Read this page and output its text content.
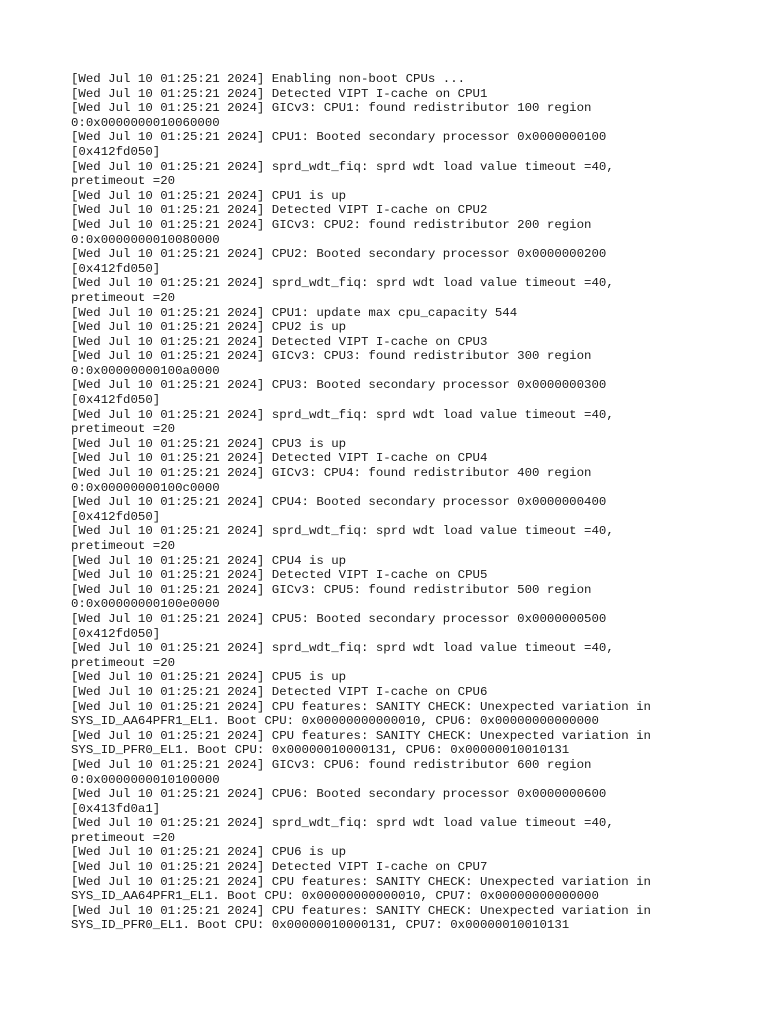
[Wed Jul 10 01:25:21 2024] Enabling non-boot CPUs ...
[Wed Jul 10 01:25:21 2024] Detected VIPT I-cache on CPU1
[Wed Jul 10 01:25:21 2024] GICv3: CPU1: found redistributor 100 region
0:0x0000000010060000
[Wed Jul 10 01:25:21 2024] CPU1: Booted secondary processor 0x0000000100
[0x412fd050]
[Wed Jul 10 01:25:21 2024] sprd_wdt_fiq: sprd wdt load value timeout =40,
pretimeout =20
[Wed Jul 10 01:25:21 2024] CPU1 is up
[Wed Jul 10 01:25:21 2024] Detected VIPT I-cache on CPU2
[Wed Jul 10 01:25:21 2024] GICv3: CPU2: found redistributor 200 region
0:0x0000000010080000
[Wed Jul 10 01:25:21 2024] CPU2: Booted secondary processor 0x0000000200
[0x412fd050]
[Wed Jul 10 01:25:21 2024] sprd_wdt_fiq: sprd wdt load value timeout =40,
pretimeout =20
[Wed Jul 10 01:25:21 2024] CPU1: update max cpu_capacity 544
[Wed Jul 10 01:25:21 2024] CPU2 is up
[Wed Jul 10 01:25:21 2024] Detected VIPT I-cache on CPU3
[Wed Jul 10 01:25:21 2024] GICv3: CPU3: found redistributor 300 region
0:0x00000000100a0000
[Wed Jul 10 01:25:21 2024] CPU3: Booted secondary processor 0x0000000300
[0x412fd050]
[Wed Jul 10 01:25:21 2024] sprd_wdt_fiq: sprd wdt load value timeout =40,
pretimeout =20
[Wed Jul 10 01:25:21 2024] CPU3 is up
[Wed Jul 10 01:25:21 2024] Detected VIPT I-cache on CPU4
[Wed Jul 10 01:25:21 2024] GICv3: CPU4: found redistributor 400 region
0:0x00000000100c0000
[Wed Jul 10 01:25:21 2024] CPU4: Booted secondary processor 0x0000000400
[0x412fd050]
[Wed Jul 10 01:25:21 2024] sprd_wdt_fiq: sprd wdt load value timeout =40,
pretimeout =20
[Wed Jul 10 01:25:21 2024] CPU4 is up
[Wed Jul 10 01:25:21 2024] Detected VIPT I-cache on CPU5
[Wed Jul 10 01:25:21 2024] GICv3: CPU5: found redistributor 500 region
0:0x00000000100e0000
[Wed Jul 10 01:25:21 2024] CPU5: Booted secondary processor 0x0000000500
[0x412fd050]
[Wed Jul 10 01:25:21 2024] sprd_wdt_fiq: sprd wdt load value timeout =40,
pretimeout =20
[Wed Jul 10 01:25:21 2024] CPU5 is up
[Wed Jul 10 01:25:21 2024] Detected VIPT I-cache on CPU6
[Wed Jul 10 01:25:21 2024] CPU features: SANITY CHECK: Unexpected variation in
SYS_ID_AA64PFR1_EL1. Boot CPU: 0x00000000000010, CPU6: 0x00000000000000
[Wed Jul 10 01:25:21 2024] CPU features: SANITY CHECK: Unexpected variation in
SYS_ID_PFR0_EL1. Boot CPU: 0x00000010000131, CPU6: 0x00000010010131
[Wed Jul 10 01:25:21 2024] GICv3: CPU6: found redistributor 600 region
0:0x0000000010100000
[Wed Jul 10 01:25:21 2024] CPU6: Booted secondary processor 0x0000000600
[0x413fd0a1]
[Wed Jul 10 01:25:21 2024] sprd_wdt_fiq: sprd wdt load value timeout =40,
pretimeout =20
[Wed Jul 10 01:25:21 2024] CPU6 is up
[Wed Jul 10 01:25:21 2024] Detected VIPT I-cache on CPU7
[Wed Jul 10 01:25:21 2024] CPU features: SANITY CHECK: Unexpected variation in
SYS_ID_AA64PFR1_EL1. Boot CPU: 0x00000000000010, CPU7: 0x00000000000000
[Wed Jul 10 01:25:21 2024] CPU features: SANITY CHECK: Unexpected variation in
SYS_ID_PFR0_EL1. Boot CPU: 0x00000010000131, CPU7: 0x00000010010131
